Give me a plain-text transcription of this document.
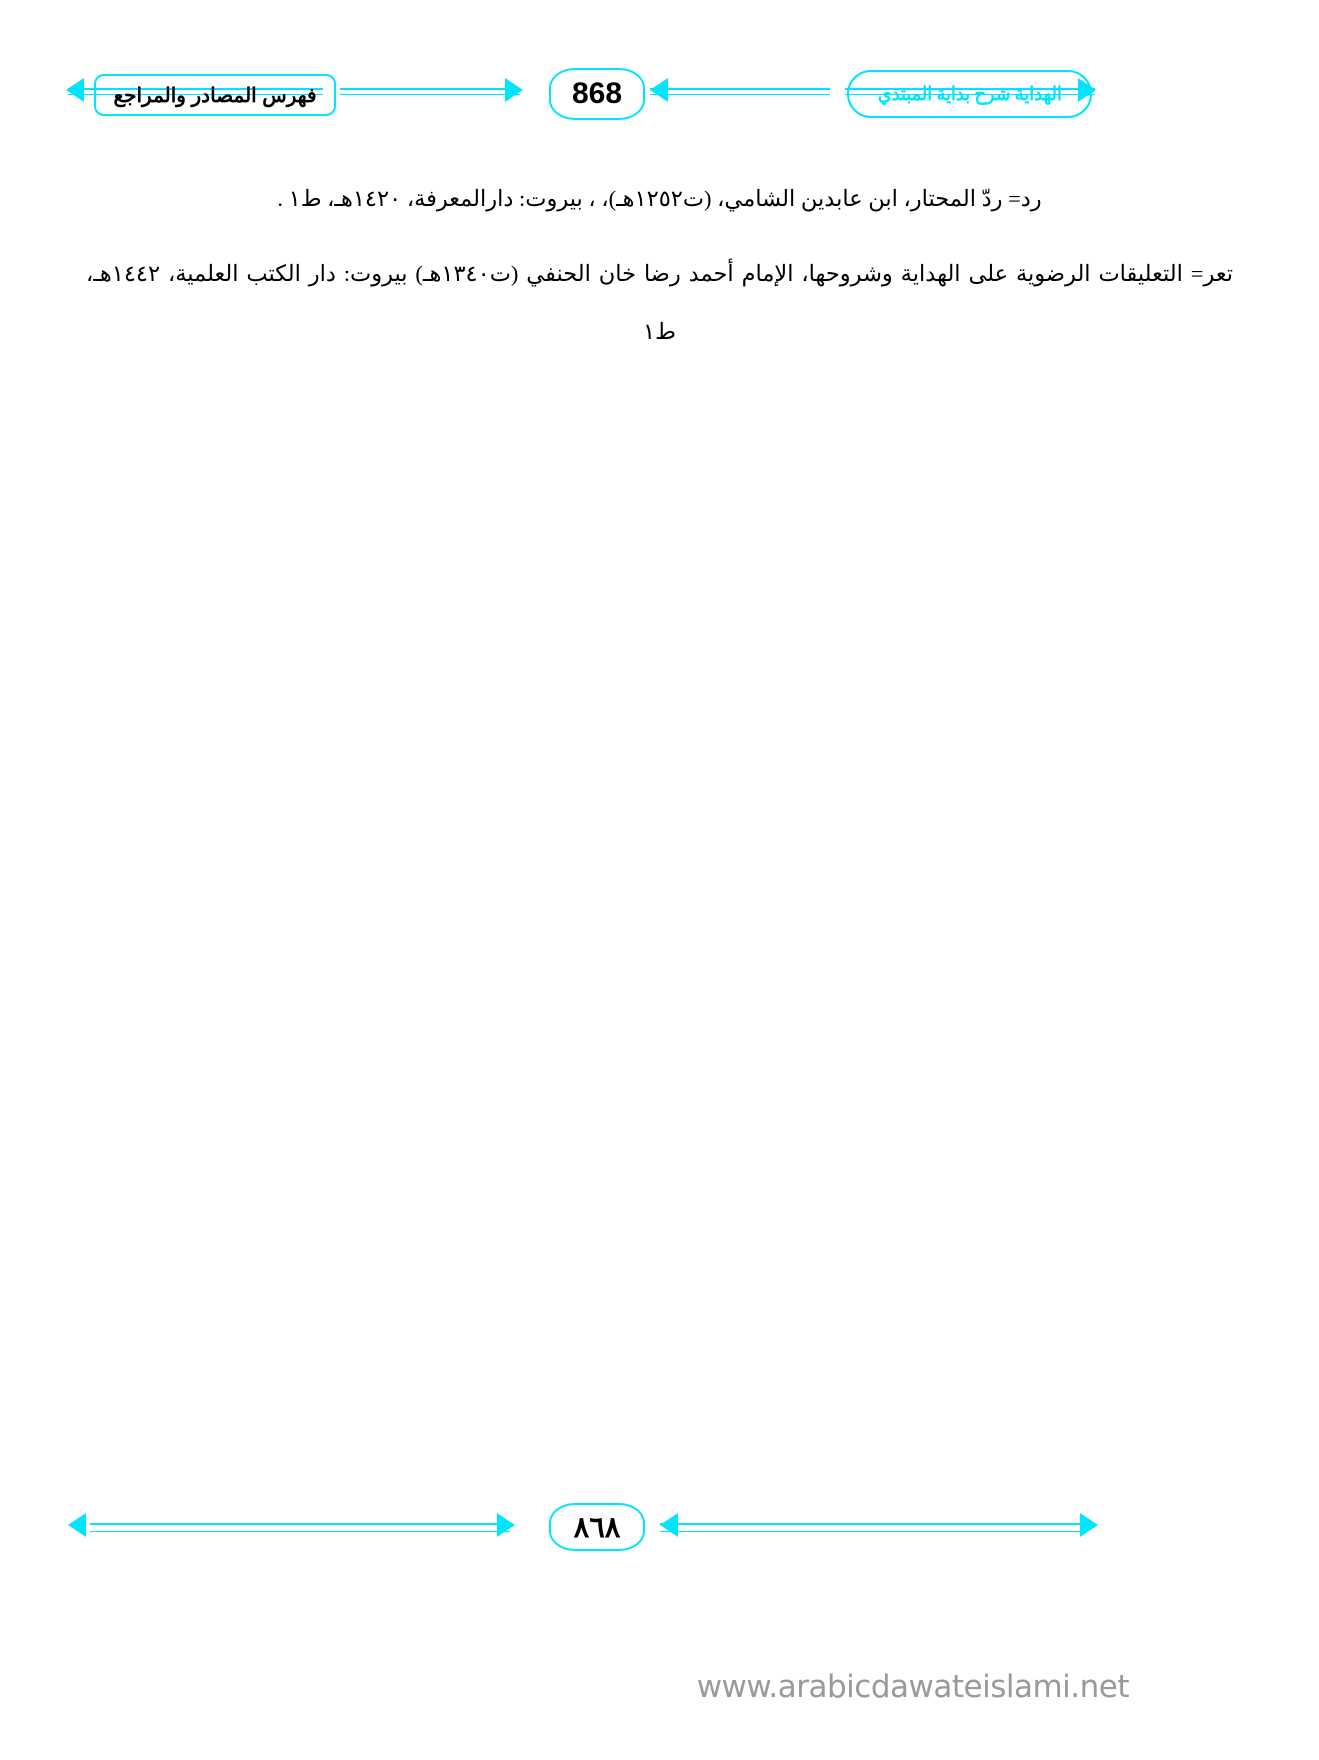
فهرس المصادر والمراجع	868	الهداية شرح بداية المبتدي

رد= ردّ المحتار، ابن عابدين الشامي، (ت١٢٥٢هـ)، ، بيروت: دارالمعرفة، ١٤٢٠هـ، ط١ .

تعر= التعليقات الرضوية على الهداية وشروحها، الإمام أحمد رضا خان الحنفي (ت١٣٤٠هـ) بيروت: دار الكتب العلمية، ١٤٤٢هـ، ط١

٨٦٨
www.arabicdawateislami.net
